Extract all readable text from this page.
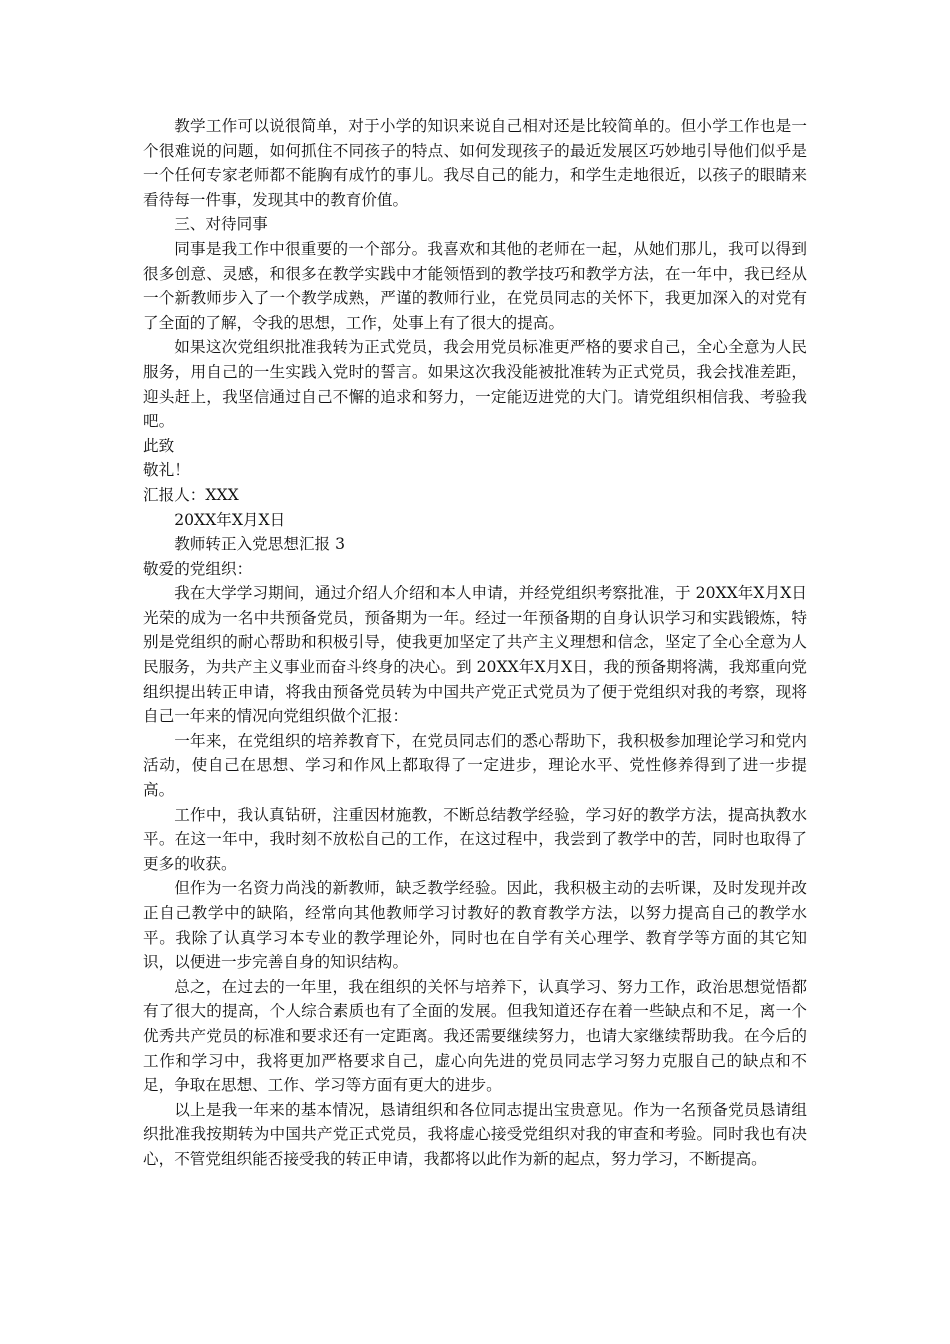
教学工作可以说很简单，对于小学的知识来说自己相对还是比较简单的。但小学工作也是一个很难说的问题，如何抓住不同孩子的特点、如何发现孩子的最近发展区巧妙地引导他们似乎是一个任何专家老师都不能胸有成竹的事儿。我尽自己的能力，和学生走地很近，以孩子的眼睛来看待每一件事，发现其中的教育价值。

三、对待同事

同事是我工作中很重要的一个部分。我喜欢和其他的老师在一起，从她们那儿，我可以得到很多创意、灵感，和很多在教学实践中才能领悟到的教学技巧和教学方法，在一年中，我已经从一个新教师步入了一个教学成熟，严谨的教师行业，在党员同志的关怀下，我更加深入的对党有了全面的了解，令我的思想，工作，处事上有了很大的提高。

如果这次党组织批准我转为正式党员，我会用党员标准更严格的要求自己，全心全意为人民服务，用自己的一生实践入党时的誓言。如果这次我没能被批准转为正式党员，我会找准差距，迎头赶上，我坚信通过自己不懈的追求和努力，一定能迈进党的大门。请党组织相信我、考验我吧。

此致

敬礼！

汇报人：XXX

20XX年X月X日

教师转正入党思想汇报 3

敬爱的党组织：

我在大学学习期间，通过介绍人介绍和本人申请，并经党组织考察批准，于 20XX年X月X日光荣的成为一名中共预备党员，预备期为一年。经过一年预备期的自身认识学习和实践锻炼，特别是党组织的耐心帮助和积极引导，使我更加坚定了共产主义理想和信念，坚定了全心全意为人民服务，为共产主义事业而奋斗终身的决心。到 20XX年X月X日，我的预备期将满，我郑重向党组织提出转正申请，将我由预备党员转为中国共产党正式党员为了便于党组织对我的考察，现将自己一年来的情况向党组织做个汇报：

一年来，在党组织的培养教育下，在党员同志们的悉心帮助下，我积极参加理论学习和党内活动，使自己在思想、学习和作风上都取得了一定进步，理论水平、党性修养得到了进一步提高。

工作中，我认真钻研，注重因材施教，不断总结教学经验，学习好的教学方法，提高执教水平。在这一年中，我时刻不放松自己的工作，在这过程中，我尝到了教学中的苦，同时也取得了更多的收获。

但作为一名资力尚浅的新教师，缺乏教学经验。因此，我积极主动的去听课，及时发现并改正自己教学中的缺陷，经常向其他教师学习讨教好的教育教学方法，以努力提高自己的教学水平。我除了认真学习本专业的教学理论外，同时也在自学有关心理学、教育学等方面的其它知识，以便进一步完善自身的知识结构。

总之，在过去的一年里，我在组织的关怀与培养下，认真学习、努力工作，政治思想觉悟都有了很大的提高，个人综合素质也有了全面的发展。但我知道还存在着一些缺点和不足，离一个优秀共产党员的标准和要求还有一定距离。我还需要继续努力，也请大家继续帮助我。在今后的工作和学习中，我将更加严格要求自己，虚心向先进的党员同志学习努力克服自己的缺点和不足，争取在思想、工作、学习等方面有更大的进步。

以上是我一年来的基本情况，恳请组织和各位同志提出宝贵意见。作为一名预备党员恳请组织批准我按期转为中国共产党正式党员，我将虚心接受党组织对我的审查和考验。同时我也有决心，不管党组织能否接受我的转正申请，我都将以此作为新的起点，努力学习，不断提高。
